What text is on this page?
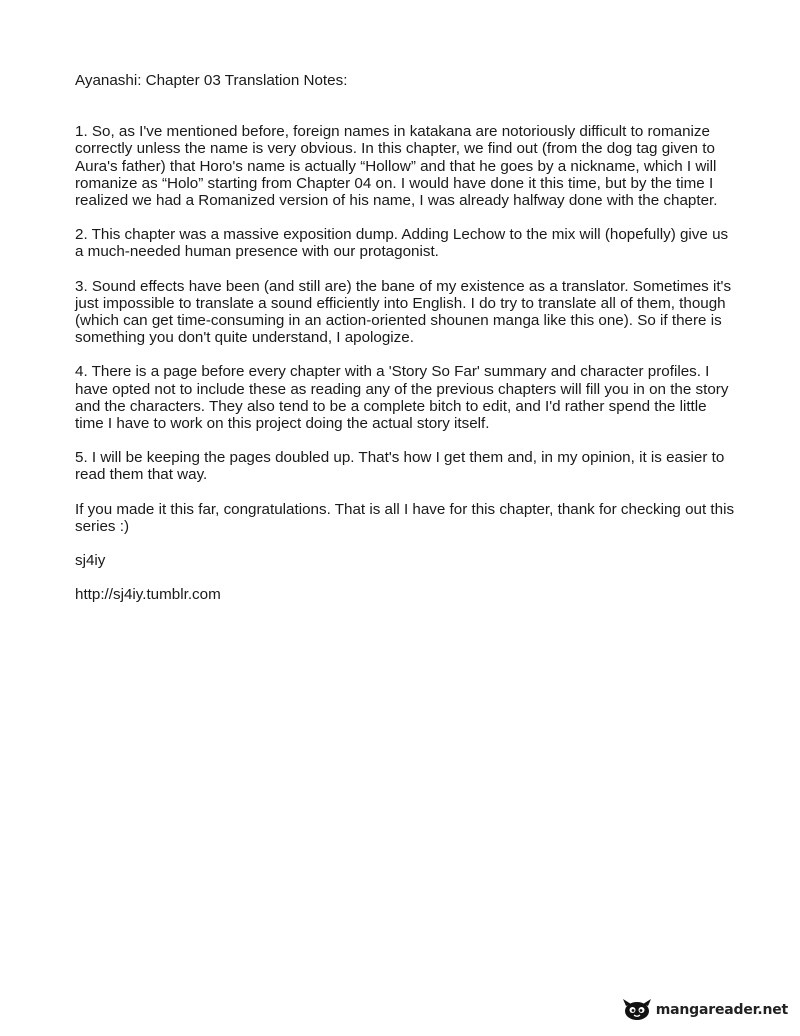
Ayanashi: Chapter 03 Translation Notes:

1. So, as I've mentioned before, foreign names in katakana are notoriously difficult to romanize correctly unless the name is very obvious. In this chapter, we find out (from the dog tag given to Aura's father) that Horo's name is actually “Hollow” and that he goes by a nickname, which I will romanize as “Holo” starting from Chapter 04 on. I would have done it this time, but by the time I realized we had a Romanized version of his name, I was already halfway done with the chapter.

2. This chapter was a massive exposition dump. Adding Lechow to the mix will (hopefully) give us a much-needed human presence with our protagonist.

3. Sound effects have been (and still are) the bane of my existence as a translator. Sometimes it's just impossible to translate a sound efficiently into English. I do try to translate all of them, though (which can get time-consuming in an action-oriented shounen manga like this one). So if there is something you don't quite understand, I apologize.

4. There is a page before every chapter with a 'Story So Far' summary and character profiles. I have opted not to include these as reading any of the previous chapters will fill you in on the story and the characters. They also tend to be a complete bitch to edit, and I'd rather spend the little time I have to work on this project doing the actual story itself.

5. I will be keeping the pages doubled up. That's how I get them and, in my opinion, it is easier to read them that way.

If you made it this far, congratulations. That is all I have for this chapter, thank for checking out this series :)

sj4iy

http://sj4iy.tumblr.com

mangareader.net
